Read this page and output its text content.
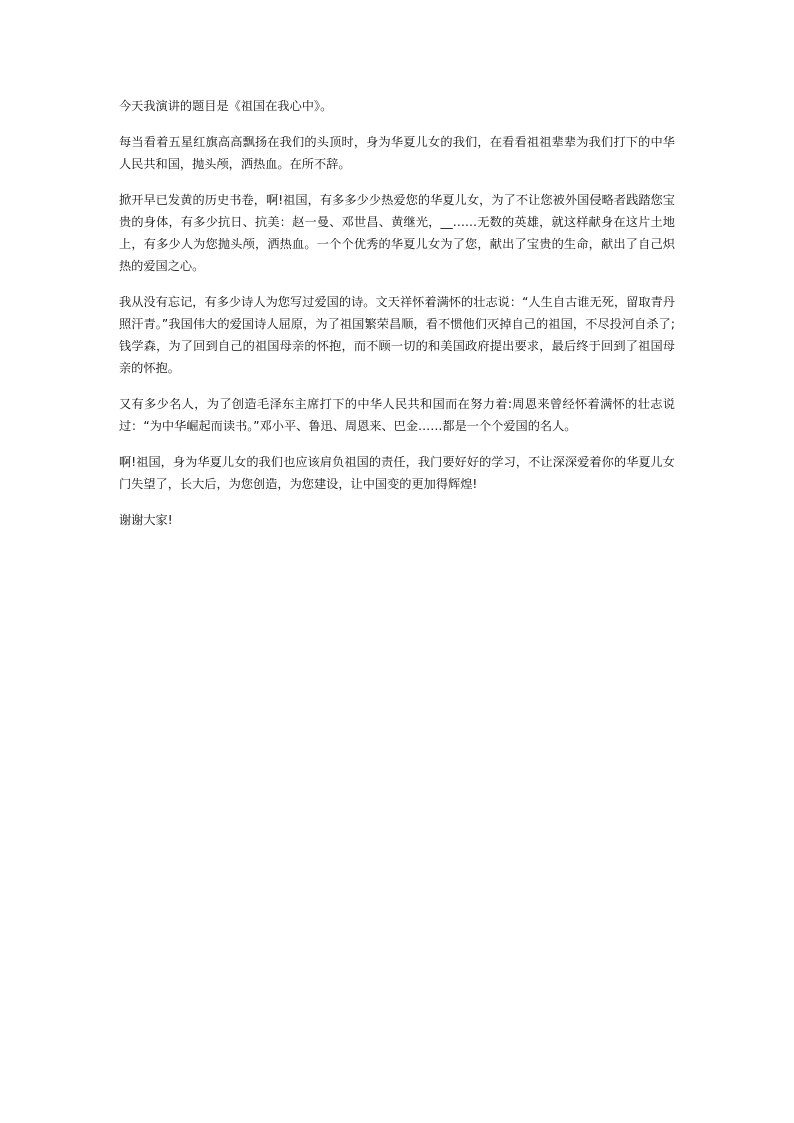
今天我演讲的题目是《祖国在我心中》。

每当看着五星红旗高高飘扬在我们的头顶时，身为华夏儿女的我们，在看看祖祖辈辈为我们打下的中华人民共和国，抛头颅，洒热血。在所不辞。

掀开早已发黄的历史书卷，啊!祖国，有多多少少热爱您的华夏儿女，为了不让您被外国侵略者践踏您宝贵的身体，有多少抗日、抗美：赵一曼、邓世昌、黄继光，__……无数的英雄，就这样献身在这片土地上，有多少人为您抛头颅，洒热血。一个个优秀的华夏儿女为了您，献出了宝贵的生命，献出了自己炽热的爱国之心。

我从没有忘记，有多少诗人为您写过爱国的诗。文天祥怀着满怀的壮志说：“人生自古谁无死，留取青丹照汗青。”我国伟大的爱国诗人屈原，为了祖国繁荣昌顺，看不惯他们灭掉自己的祖国，不尽投河自杀了;钱学森，为了回到自己的祖国母亲的怀抱，而不顾一切的和美国政府提出要求，最后终于回到了祖国母亲的怀抱。

又有多少名人，为了创造毛泽东主席打下的中华人民共和国而在努力着:周恩来曾经怀着满怀的壮志说过：“为中华崛起而读书。”邓小平、鲁迅、周恩来、巴金……都是一个个爱国的名人。

啊!祖国，身为华夏儿女的我们也应该肩负祖国的责任，我门要好好的学习，不让深深爱着你的华夏儿女门失望了，长大后，为您创造，为您建设，让中国变的更加得辉煌!

谢谢大家!
